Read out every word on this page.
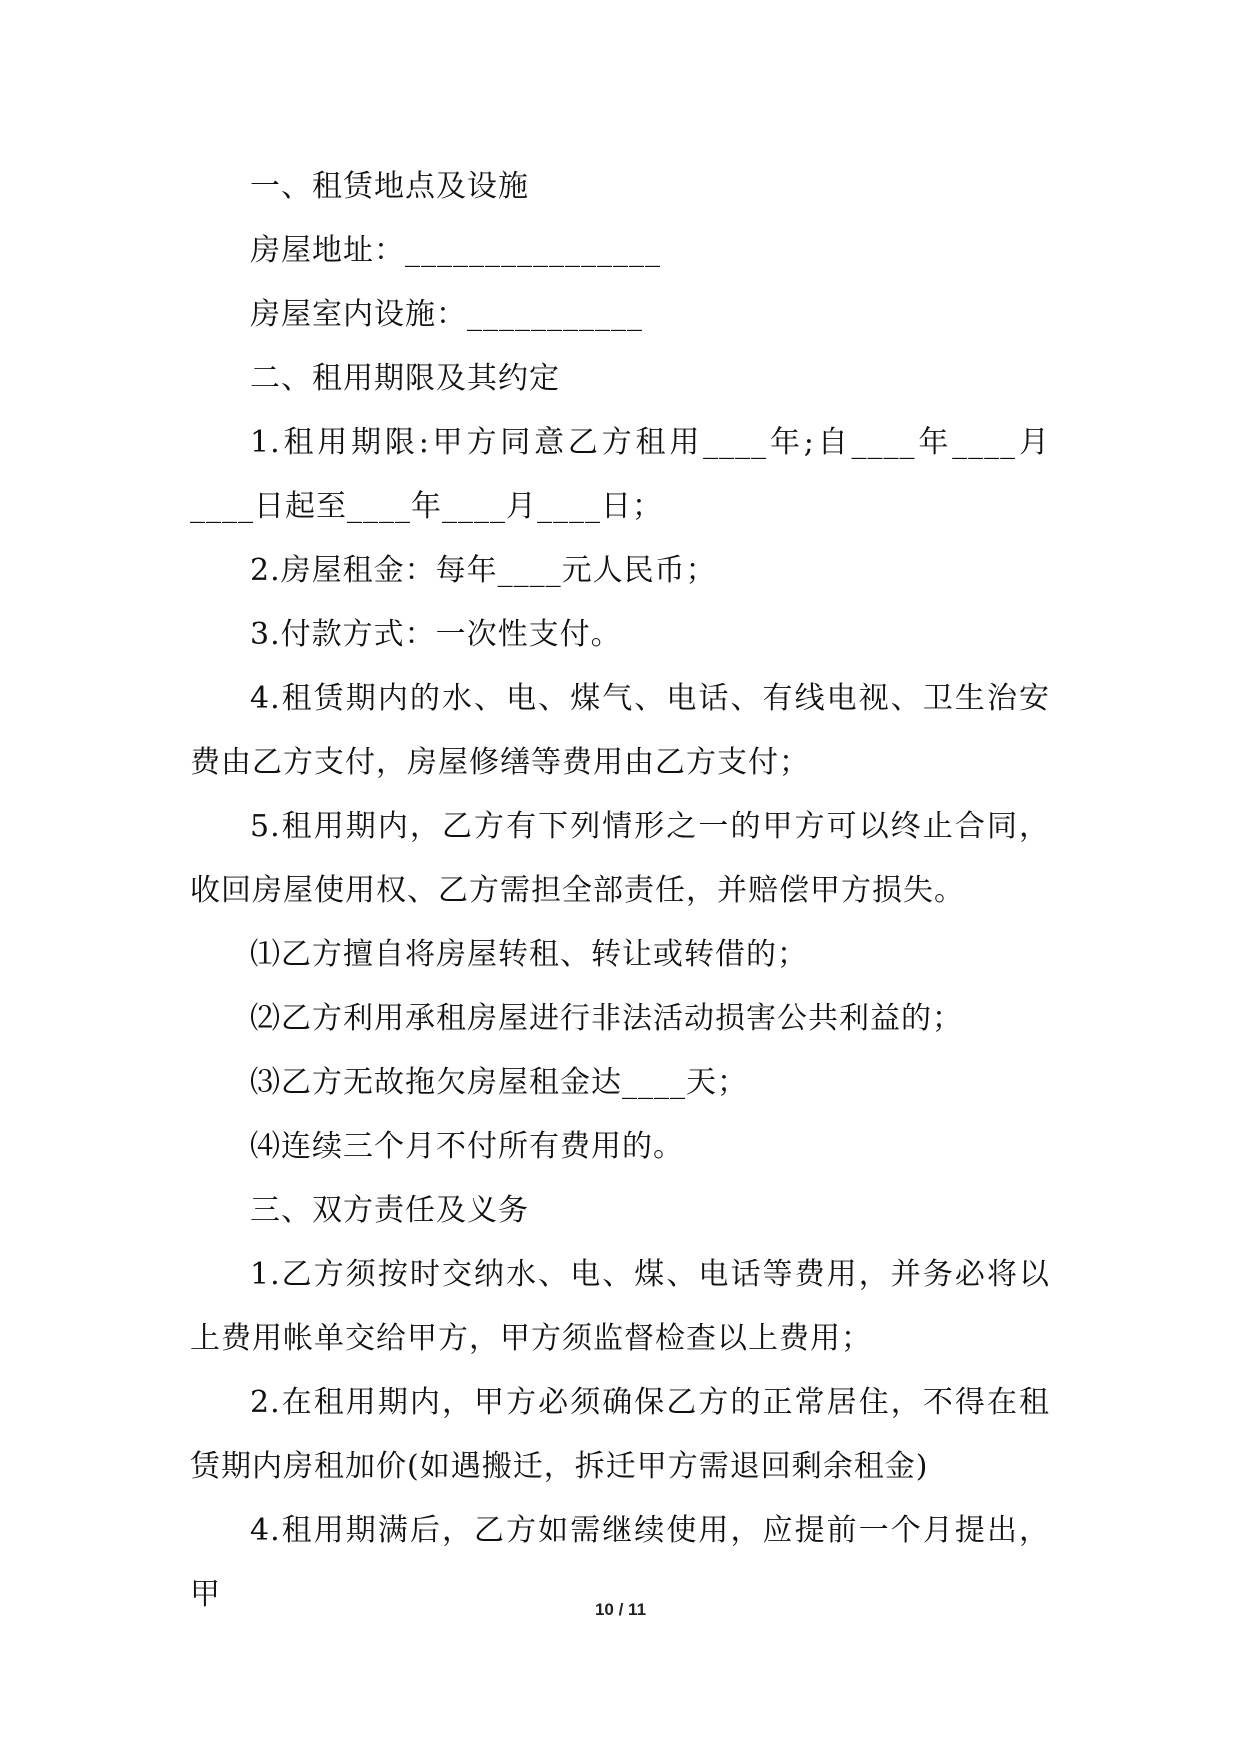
一、租赁地点及设施

房屋地址：________________

房屋室内设施：___________

二、租用期限及其约定

1.租用期限:甲方同意乙方租用____年;自____年____月____日起至____年____月____日；

2.房屋租金：每年____元人民币；

3.付款方式：一次性支付。

4.租赁期内的水、电、煤气、电话、有线电视、卫生治安费由乙方支付，房屋修缮等费用由乙方支付；

5.租用期内，乙方有下列情形之一的甲方可以终止合同，收回房屋使用权、乙方需担全部责任，并赔偿甲方损失。

⑴乙方擅自将房屋转租、转让或转借的；

⑵乙方利用承租房屋进行非法活动损害公共利益的；

⑶乙方无故拖欠房屋租金达____天；

⑷连续三个月不付所有费用的。

三、双方责任及义务

1.乙方须按时交纳水、电、煤、电话等费用，并务必将以上费用帐单交给甲方，甲方须监督检查以上费用；

2.在租用期内，甲方必须确保乙方的正常居住，不得在租赁期内房租加价(如遇搬迁，拆迁甲方需退回剩余租金)

4.租用期满后，乙方如需继续使用，应提前一个月提出，甲	10 / 11
